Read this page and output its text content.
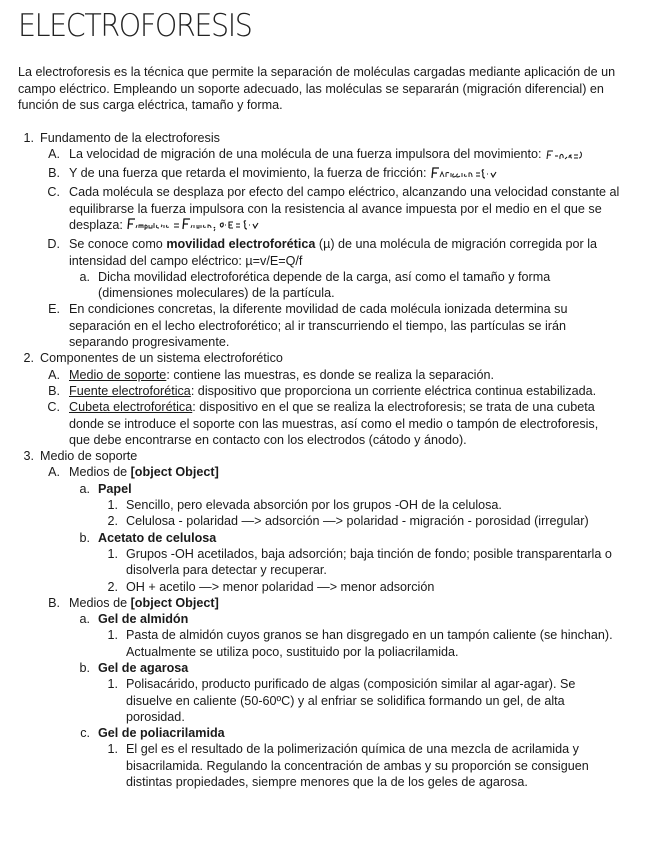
ELECTROFORESIS

La electroforesis es la técnica que permite la separación de moléculas cargadas mediante aplicación de un campo eléctrico. Empleando un soporte adecuado, las moléculas se separarán (migración diferencial) en función de sus carga eléctrica, tamaño y forma.

1. Fundamento de la electroforesis
A. La velocidad de migración de una molécula de una fuerza impulsora del movimiento:
B. Y de una fuerza que retarda el movimiento, la fuerza de fricción:
C. Cada molécula se desplaza por efecto del campo eléctrico, alcanzando una velocidad constante al equilibrarse la fuerza impulsora con la resistencia al avance impuesta por el medio en el que se desplaza:
D. Se conoce como movilidad electroforética (µ) de una molécula de migración corregida por la intensidad del campo eléctrico: µ=v/E=Q/f
a. Dicha movilidad electroforética depende de la carga, así como el tamaño y forma (dimensiones moleculares) de la partícula.
E. En condiciones concretas, la diferente movilidad de cada molécula ionizada determina su separación en el lecho electroforético; al ir transcurriendo el tiempo, las partículas se irán separando progresivamente.
2. Componentes de un sistema electroforético
A. Medio de soporte: contiene las muestras, es donde se realiza la separación.
B. Fuente electroforética: dispositivo que proporciona un corriente eléctrica continua estabilizada.
C. Cubeta electroforética: dispositivo en el que se realiza la electroforesis; se trata de una cubeta donde se introduce el soporte con las muestras, así como el medio o tampón de electroforesis, que debe encontrarse en contacto con los electrodos (cátodo y ánodo).
3. Medio de soporte
A. Medios de [object Object]
a. Papel
1. Sencillo, pero elevada absorción por los grupos -OH de la celulosa.
2. Celulosa - polaridad —> adsorción —> polaridad - migración - porosidad (irregular)
b. Acetato de celulosa
1. Grupos -OH acetilados, baja adsorción; baja tinción de fondo; posible transparentarla o disolverla para detectar y recuperar.
2. OH + acetilo —> menor polaridad —> menor adsorción
B. Medios de [object Object]
a. Gel de almidón
1. Pasta de almidón cuyos granos se han disgregado en un tampón caliente (se hinchan). Actualmente se utiliza poco, sustituido por la poliacrilamida.
b. Gel de agarosa
1. Polisacárido, producto purificado de algas (composición similar al agar-agar). Se disuelve en caliente (50-60ºC) y al enfriar se solidifica formando un gel, de alta porosidad.
c. Gel de poliacrilamida
1. El gel es el resultado de la polimerización química de una mezcla de acrilamida y bisacrilamida. Regulando la concentración de ambas y su proporción se consiguen distintas propiedades, siempre menores que la de los geles de agarosa.
